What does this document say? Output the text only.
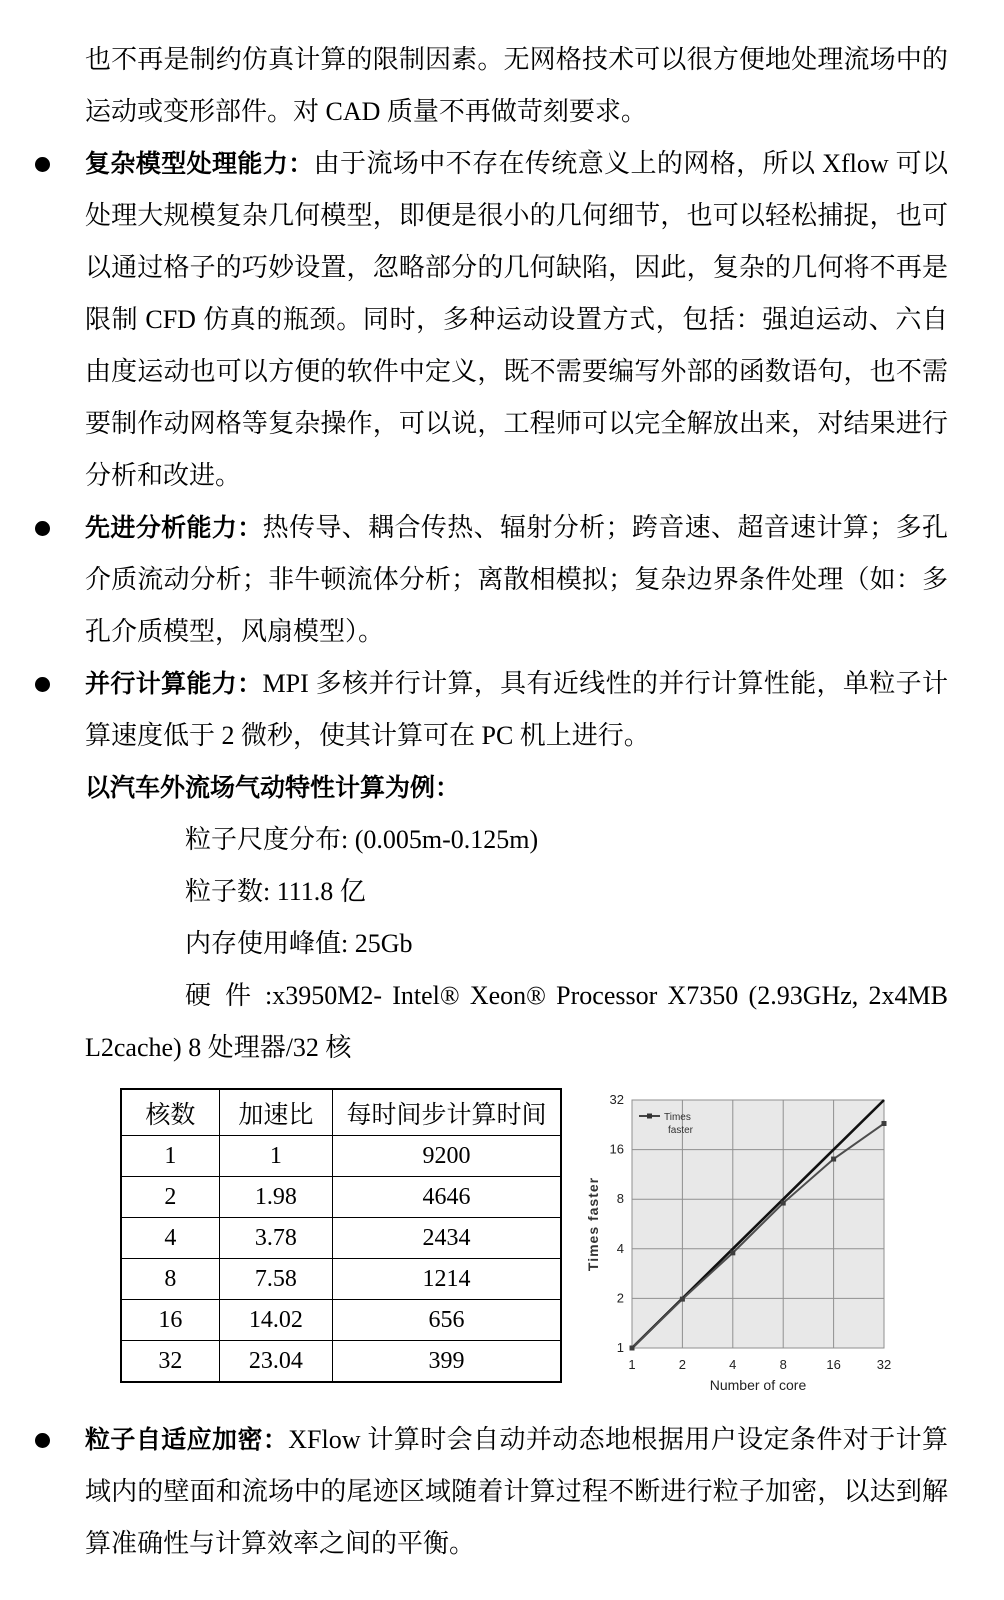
也不再是制约仿真计算的限制因素。无网格技术可以很方便地处理流场中的运动或变形部件。对 CAD 质量不再做苛刻要求。

复杂模型处理能力：由于流场中不存在传统意义上的网格，所以 Xflow 可以处理大规模复杂几何模型，即便是很小的几何细节，也可以轻松捕捉，也可以通过格子的巧妙设置，忽略部分的几何缺陷，因此，复杂的几何将不再是限制 CFD 仿真的瓶颈。同时，多种运动设置方式，包括：强迫运动、六自由度运动也可以方便的软件中定义，既不需要编写外部的函数语句，也不需要制作动网格等复杂操作，可以说，工程师可以完全解放出来，对结果进行分析和改进。
先进分析能力：热传导、耦合传热、辐射分析；跨音速、超音速计算；多孔介质流动分析；非牛顿流体分析；离散相模拟；复杂边界条件处理（如：多孔介质模型，风扇模型）。
并行计算能力：MPI 多核并行计算，具有近线性的并行计算性能，单粒子计算速度低于 2 微秒，使其计算可在 PC 机上进行。

以汽车外流场气动特性计算为例：

粒子尺度分布: (0.005m-0.125m)

粒子数: 111.8 亿

内存使用峰值: 25Gb

硬 件 :x3950M2- Intel® Xeon® Processor X7350 (2.93GHz, 2x4MB L2cache) 8 处理器/32 核

核数	加速比	每时间步计算时间
1	1	9200
2	1.98	4646
4	3.78	2434
8	7.58	1214
16	14.02	656
32	23.04	399
Times
faster
1
2
4
8
16
32
1	2	4	8	16	32
Number of core
Times faster
粒子自适应加密：XFlow 计算时会自动并动态地根据用户设定条件对于计算域内的壁面和流场中的尾迹区域随着计算过程不断进行粒子加密，以达到解算准确性与计算效率之间的平衡。
